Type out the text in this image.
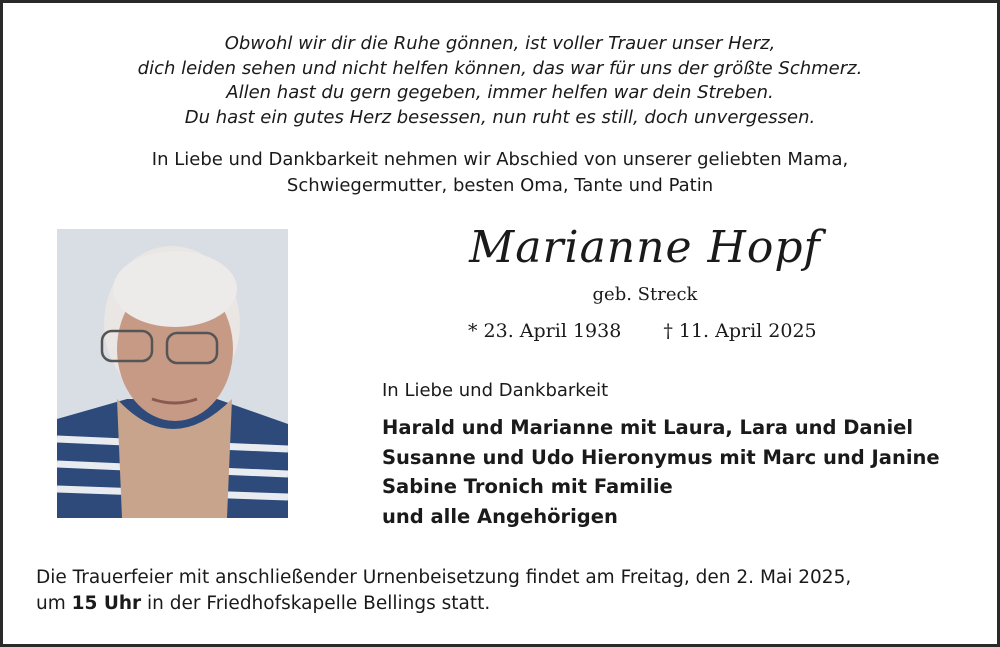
Obwohl wir dir die Ruhe gönnen, ist voller Trauer unser Herz,
dich leiden sehen und nicht helfen können, das war für uns der größte Schmerz.
Allen hast du gern gegeben, immer helfen war dein Streben.
Du hast ein gutes Herz besessen, nun ruht es still, doch unvergessen.
In Liebe und Dankbarkeit nehmen wir Abschied von unserer geliebten Mama,
Schwiegermutter, besten Oma, Tante und Patin
Marianne Hopf
geb. Streck
* 23. April 1938 † 11. April 2025
In Liebe und Dankbarkeit
Harald und Marianne mit Laura, Lara und Daniel
Susanne und Udo Hieronymus mit Marc und Janine
Sabine Tronich mit Familie
und alle Angehörigen
Die Trauerfeier mit anschließender Urnenbeisetzung findet am Freitag, den 2. Mai 2025,
um 15 Uhr in der Friedhofskapelle Bellings statt.
